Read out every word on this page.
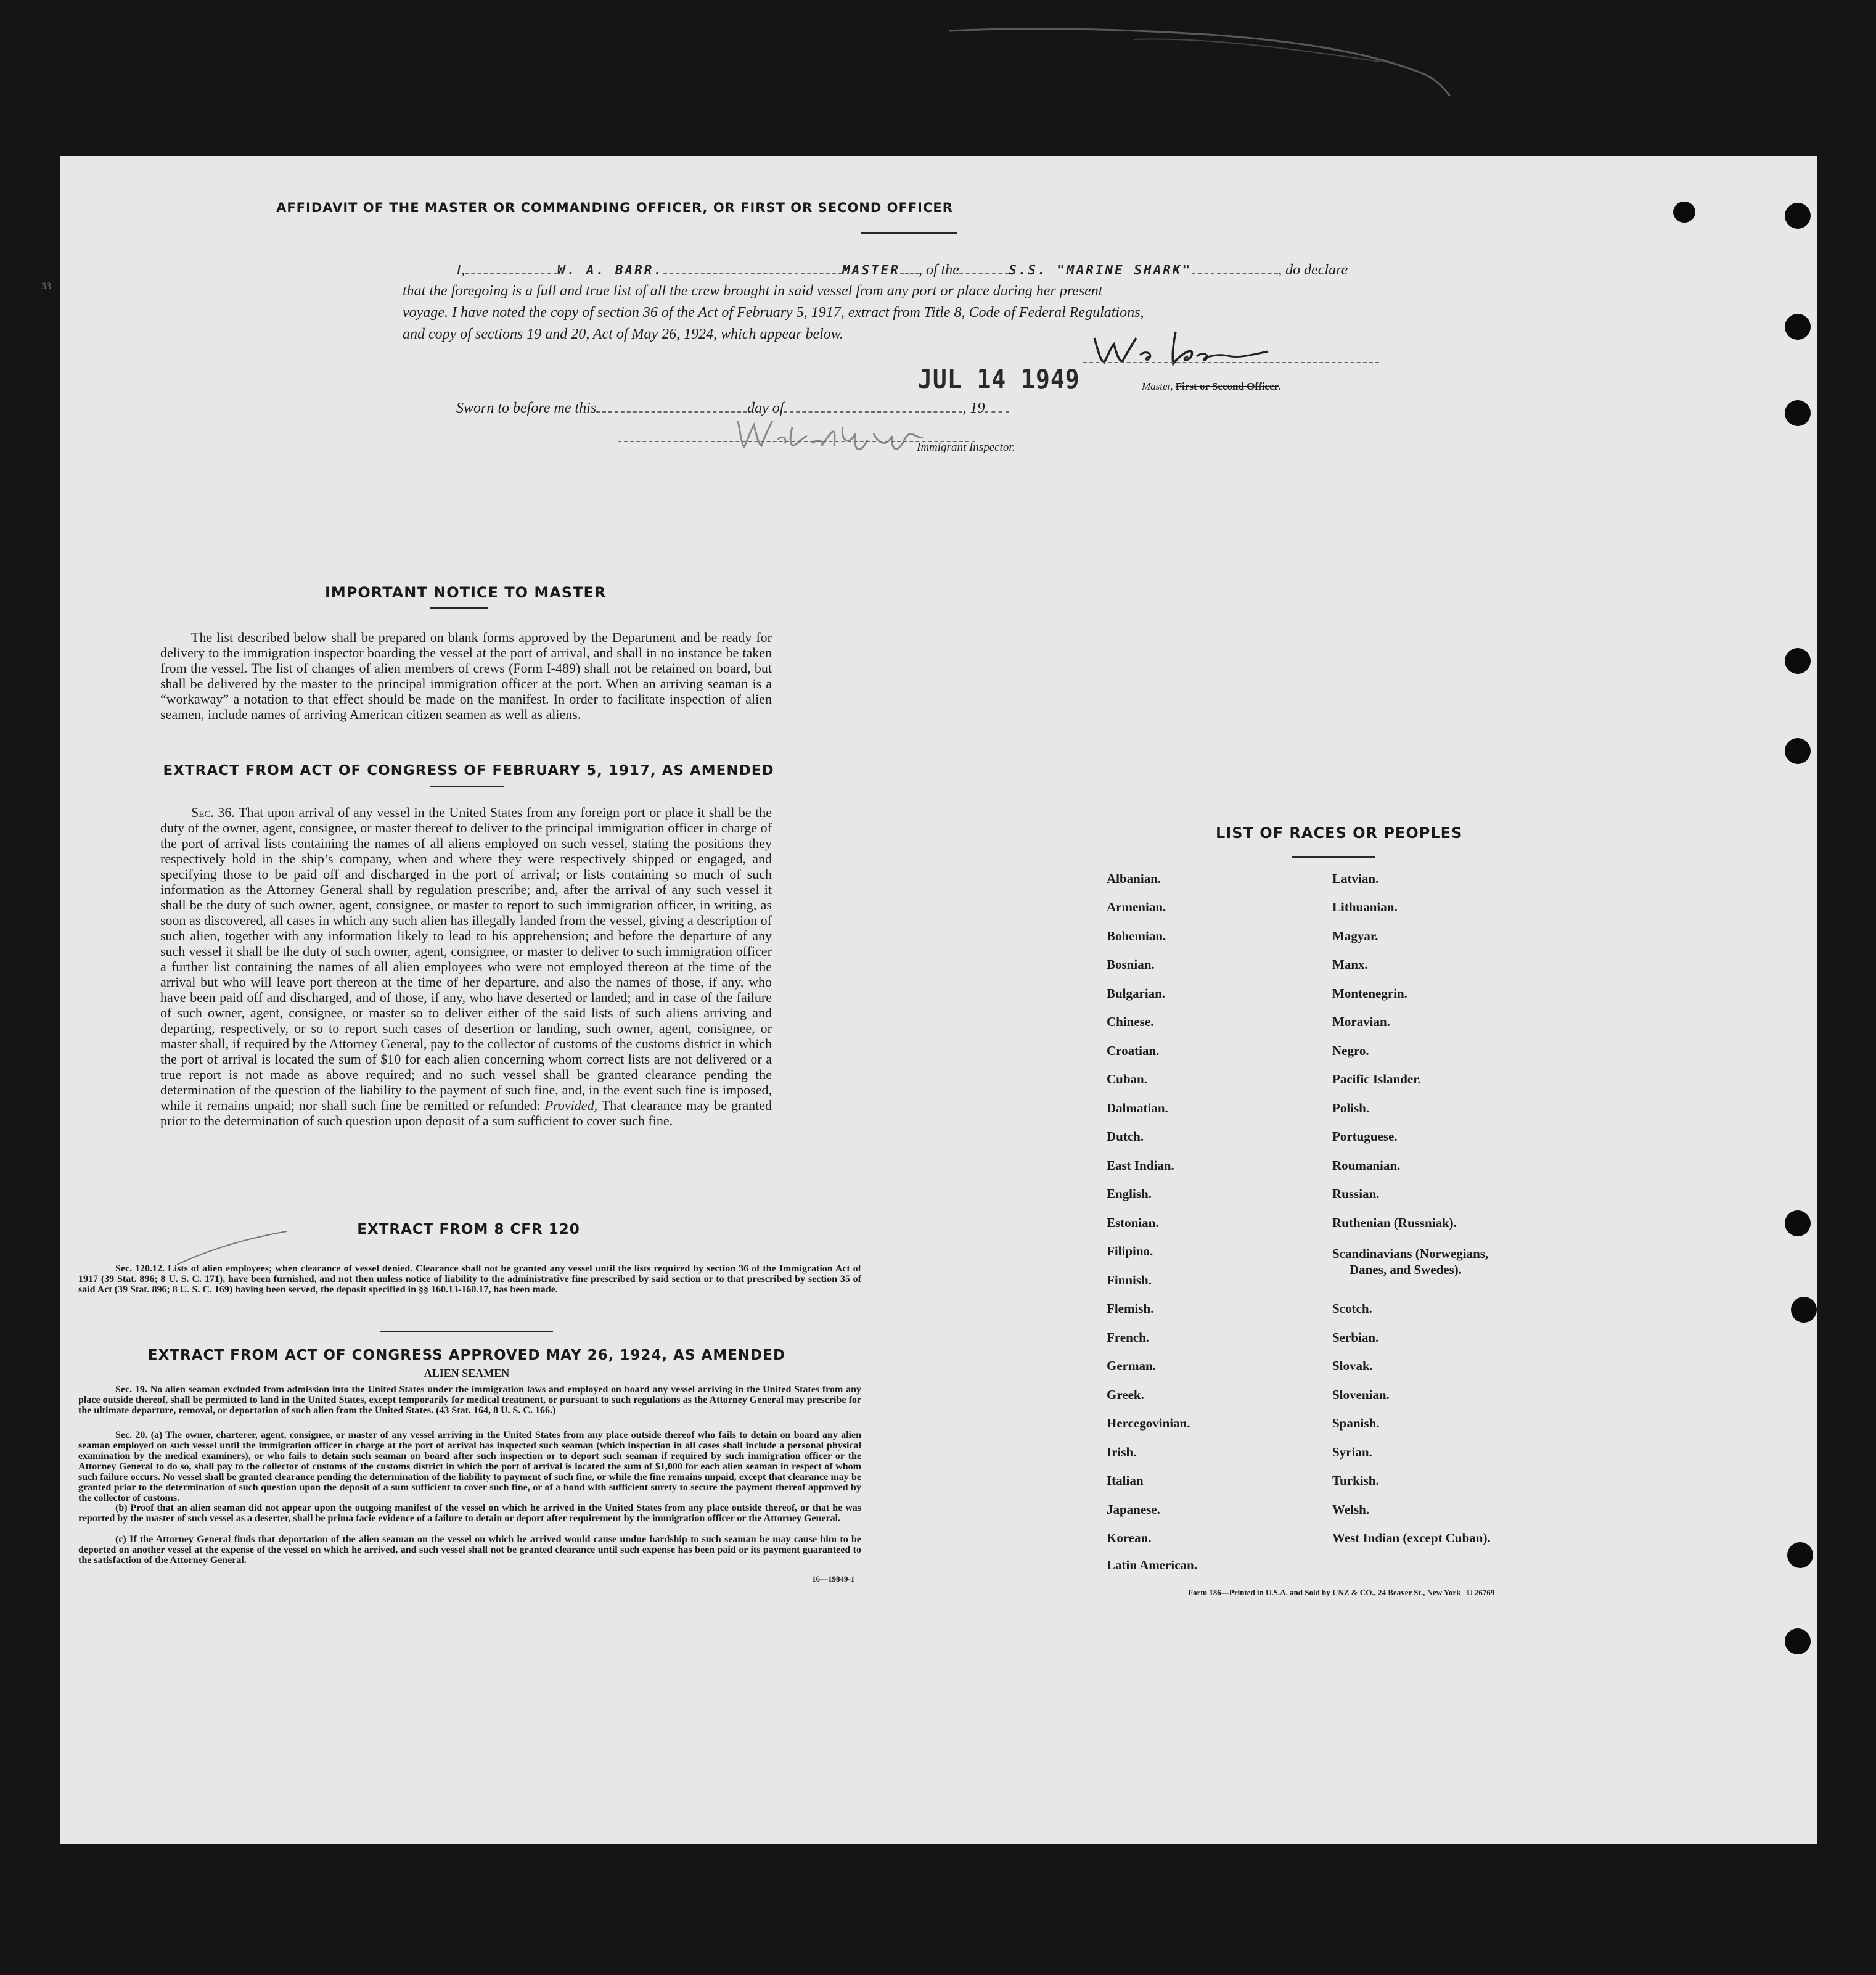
AFFIDAVIT OF THE MASTER OR COMMANDING OFFICER, OR FIRST OR SECOND OFFICER
33
I,	W. A. BARR.	MASTER , of the	S.S. "MARINE SHARK"	, do declare
that the foregoing is a full and true list of all the crew brought in said vessel from any port or place during her present
voyage. I have noted the copy of section 36 of the Act of February 5, 1917, extract from Title 8, Code of Federal Regulations,
and copy of sections 19 and 20, Act of May 26, 1924, which appear below.
JUL 14 1949	Master, First or Second Officer.
Sworn to before me this	day of	, 19
Immigrant Inspector.
IMPORTANT NOTICE TO MASTER
The list described below shall be prepared on blank forms approved by the Department and be ready for delivery to the immigration inspector boarding the vessel at the port of arrival, and shall in no instance be taken from the vessel. The list of changes of alien members of crews (Form I-489) shall not be retained on board, but shall be delivered by the master to the principal immigration officer at the port. When an arriving seaman is a “workaway” a notation to that effect should be made on the manifest. In order to facilitate inspection of alien seamen, include names of arriving American citizen seamen as well as aliens.
EXTRACT FROM ACT OF CONGRESS OF FEBRUARY 5, 1917, AS AMENDED
Sec. 36. That upon arrival of any vessel in the United States from any foreign port or place it shall be the duty of the owner, agent, consignee, or master thereof to deliver to the principal immigration officer in charge of the port of arrival lists containing the names of all aliens employed on such vessel, stating the positions they respectively hold in the ship’s company, when and where they were respectively shipped or engaged, and specifying those to be paid off and discharged in the port of arrival; or lists containing so much of such information as the Attorney General shall by regulation prescribe; and, after the arrival of any such vessel it shall be the duty of such owner, agent, consignee, or master to report to such immigration officer, in writing, as soon as discovered, all cases in which any such alien has illegally landed from the vessel, giving a description of such alien, together with any information likely to lead to his apprehension; and before the departure of any such vessel it shall be the duty of such owner, agent, consignee, or master to deliver to such immigration officer a further list containing the names of all alien employees who were not employed thereon at the time of the arrival but who will leave port thereon at the time of her departure, and also the names of those, if any, who have been paid off and discharged, and of those, if any, who have deserted or landed; and in case of the failure of such owner, agent, consignee, or master so to deliver either of the said lists of such aliens arriving and departing, respectively, or so to report such cases of desertion or landing, such owner, agent, consignee, or master shall, if required by the Attorney General, pay to the collector of customs of the customs district in which the port of arrival is located the sum of $10 for each alien concerning whom correct lists are not delivered or a true report is not made as above required; and no such vessel shall be granted clearance pending the determination of the question of the liability to the payment of such fine, and, in the event such fine is imposed, while it remains unpaid; nor shall such fine be remitted or refunded: Provided, That clearance may be granted prior to the determination of such question upon deposit of a sum sufficient to cover such fine.
EXTRACT FROM 8 CFR 120
Sec. 120.12. Lists of alien employees; when clearance of vessel denied. Clearance shall not be granted any vessel until the lists required by section 36 of the Immigration Act of 1917 (39 Stat. 896; 8 U. S. C. 171), have been furnished, and not then unless notice of liability to the administrative fine prescribed by said section or to that prescribed by section 35 of said Act (39 Stat. 896; 8 U. S. C. 169) having been served, the deposit specified in §§ 160.13-160.17, has been made.
EXTRACT FROM ACT OF CONGRESS APPROVED MAY 26, 1924, AS AMENDED
ALIEN SEAMEN
Sec. 19. No alien seaman excluded from admission into the United States under the immigration laws and employed on board any vessel arriving in the United States from any place outside thereof, shall be permitted to land in the United States, except temporarily for medical treatment, or pursuant to such regulations as the Attorney General may prescribe for the ultimate departure, removal, or deportation of such alien from the United States. (43 Stat. 164, 8 U. S. C. 166.)
Sec. 20. (a) The owner, charterer, agent, consignee, or master of any vessel arriving in the United States from any place outside thereof who fails to detain on board any alien seaman employed on such vessel until the immigration officer in charge at the port of arrival has inspected such seaman (which inspection in all cases shall include a personal physical examination by the medical examiners), or who fails to detain such seaman on board after such inspection or to deport such seaman if required by such immigration officer or the Attorney General to do so, shall pay to the collector of customs of the customs district in which the port of arrival is located the sum of $1,000 for each alien seaman in respect of whom such failure occurs. No vessel shall be granted clearance pending the determination of the liability to payment of such fine, or while the fine remains unpaid, except that clearance may be granted prior to the determination of such question upon the deposit of a sum sufficient to cover such fine, or of a bond with sufficient surety to secure the payment thereof approved by the collector of customs.
(b) Proof that an alien seaman did not appear upon the outgoing manifest of the vessel on which he arrived in the United States from any place outside thereof, or that he was reported by the master of such vessel as a deserter, shall be prima facie evidence of a failure to detain or deport after requirement by the immigration officer or the Attorney General.
(c) If the Attorney General finds that deportation of the alien seaman on the vessel on which he arrived would cause undue hardship to such seaman he may cause him to be deported on another vessel at the expense of the vessel on which he arrived, and such vessel shall not be granted clearance until such expense has been paid or its payment guaranteed to the satisfaction of the Attorney General.
16—19849-1
LIST OF RACES OR PEOPLES
Albanian.
Armenian.
Bohemian.
Bosnian.
Bulgarian.
Chinese.
Croatian.
Cuban.
Dalmatian.
Dutch.
East Indian.
English.
Estonian.
Filipino.
Finnish.
Flemish.
French.
German.
Greek.
Hercegovinian.
Irish.
Italian
Japanese.
Korean.
Latin American.
Latvian.
Lithuanian.
Magyar.
Manx.
Montenegrin.
Moravian.
Negro.
Pacific Islander.
Polish.
Portuguese.
Roumanian.
Russian.
Ruthenian (Russniak).
Scandinavians (Norwegians,
Danes, and Swedes).
Scotch.
Serbian.
Slovak.
Slovenian.
Spanish.
Syrian.
Turkish.
Welsh.
West Indian (except Cuban).
Form 186—Printed in U.S.A. and Sold by UNZ & CO., 24 Beaver St., New York   U 26769
